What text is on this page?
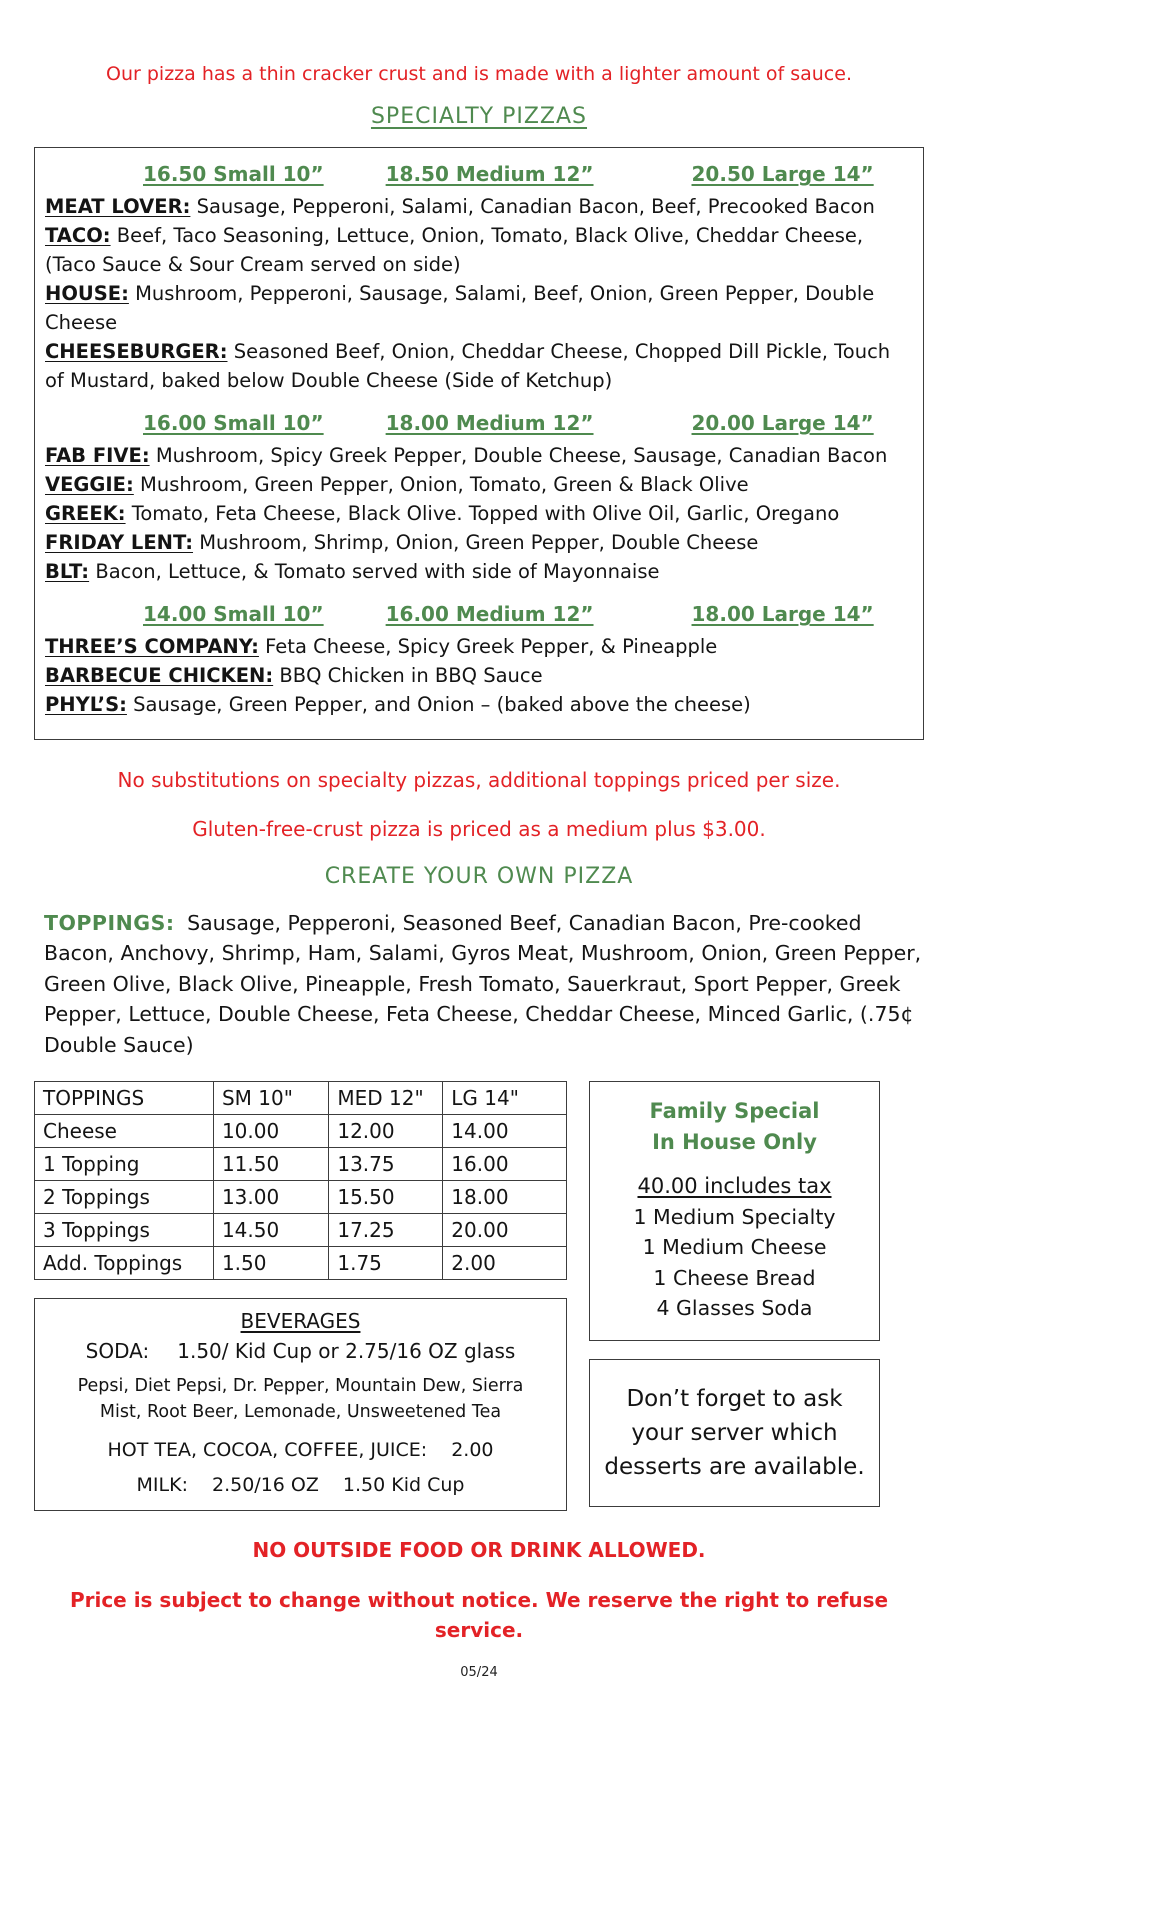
Our pizza has a thin cracker crust and is made with a lighter amount of sauce.

SPECIALTY PIZZAS
16.50 Small 10”	18.50 Medium 12”	20.50 Large 14”

MEAT LOVER: Sausage, Pepperoni, Salami, Canadian Bacon, Beef, Precooked Bacon

TACO: Beef, Taco Seasoning, Lettuce, Onion, Tomato, Black Olive, Cheddar Cheese, (Taco Sauce & Sour Cream served on side)

HOUSE: Mushroom, Pepperoni, Sausage, Salami, Beef, Onion, Green Pepper, Double Cheese

CHEESEBURGER: Seasoned Beef, Onion, Cheddar Cheese, Chopped Dill Pickle, Touch of Mustard, baked below Double Cheese (Side of Ketchup)

16.00 Small 10”	18.00 Medium 12”	20.00 Large 14”

FAB FIVE: Mushroom, Spicy Greek Pepper, Double Cheese, Sausage, Canadian Bacon

VEGGIE: Mushroom, Green Pepper, Onion, Tomato, Green & Black Olive

GREEK: Tomato, Feta Cheese, Black Olive. Topped with Olive Oil, Garlic, Oregano

FRIDAY LENT: Mushroom, Shrimp, Onion, Green Pepper, Double Cheese

BLT: Bacon, Lettuce, & Tomato served with side of Mayonnaise

14.00 Small 10”	16.00 Medium 12”	18.00 Large 14”

THREE’S COMPANY: Feta Cheese, Spicy Greek Pepper, & Pineapple

BARBECUE CHICKEN: BBQ Chicken in BBQ Sauce

PHYL’S: Sausage, Green Pepper, and Onion – (baked above the cheese)

No substitutions on specialty pizzas, additional toppings priced per size.

Gluten-free-crust pizza is priced as a medium plus $3.00.

CREATE YOUR OWN PIZZA

TOPPINGS: Sausage, Pepperoni, Seasoned Beef, Canadian Bacon, Pre-cooked Bacon, Anchovy, Shrimp, Ham, Salami, Gyros Meat, Mushroom, Onion, Green Pepper, Green Olive, Black Olive, Pineapple, Fresh Tomato, Sauerkraut, Sport Pepper, Greek Pepper, Lettuce, Double Cheese, Feta Cheese, Cheddar Cheese, Minced Garlic, (.75¢ Double Sauce)

TOPPINGS	SM 10"	MED 12"	LG 14"
Cheese	10.00	12.00	14.00
1 Topping	11.50	13.75	16.00
2 Toppings	13.00	15.50	18.00
3 Toppings	14.50	17.25	20.00
Add. Toppings	1.50	1.75	2.00
BEVERAGES
SODA: 1.50/ Kid Cup or 2.75/16 OZ glass
Pepsi, Diet Pepsi, Dr. Pepper, Mountain Dew, Sierra Mist, Root Beer, Lemonade, Unsweetened Tea
HOT TEA, COCOA, COFFEE, JUICE: 2.00
MILK: 2.50/16 OZ 1.50 Kid Cup
Family Special
In House Only
40.00 includes tax
1 Medium Specialty
1 Medium Cheese
1 Cheese Bread
4 Glasses Soda
Don’t forget to ask your server which desserts are available.

NO OUTSIDE FOOD OR DRINK ALLOWED.

Price is subject to change without notice. We reserve the right to refuse service.

05/24
